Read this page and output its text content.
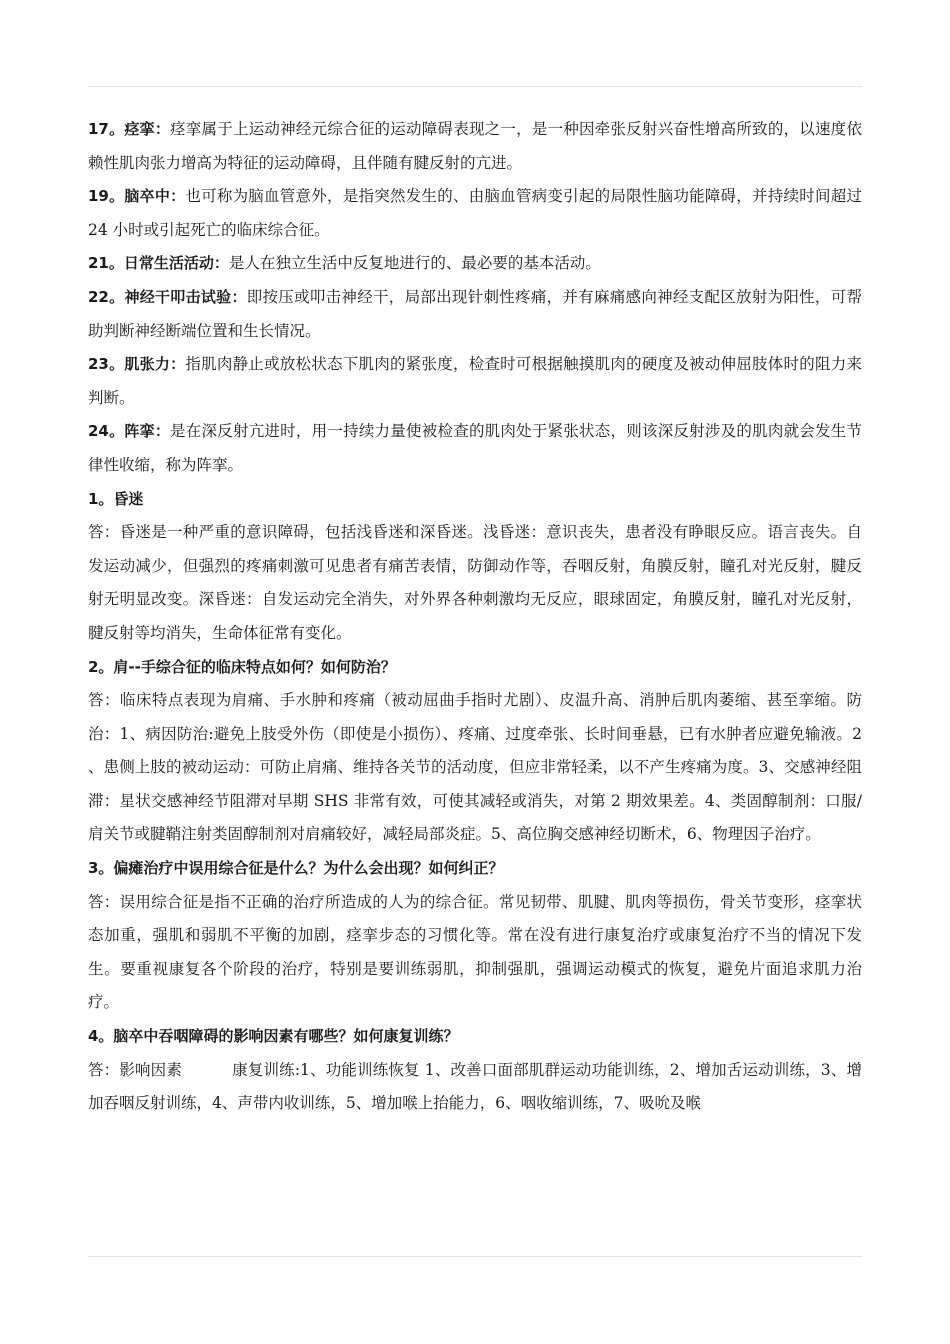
17。痉挛：痉挛属于上运动神经元综合征的运动障碍表现之一，是一种因牵张反射兴奋性增高所致的，以速度依赖性肌肉张力增高为特征的运动障碍，且伴随有腱反射的亢进。

19。脑卒中：也可称为脑血管意外，是指突然发生的、由脑血管病变引起的局限性脑功能障碍，并持续时间超过 24 小时或引起死亡的临床综合征。

21。日常生活活动：是人在独立生活中反复地进行的、最必要的基本活动。

22。神经干叩击试验：即按压或叩击神经干，局部出现针刺性疼痛，并有麻痛感向神经支配区放射为阳性，可帮助判断神经断端位置和生长情况。

23。肌张力：指肌肉静止或放松状态下肌肉的紧张度，检查时可根据触摸肌肉的硬度及被动伸屈肢体时的阻力来判断。

24。阵挛：是在深反射亢进时，用一持续力量使被检查的肌肉处于紧张状态，则该深反射涉及的肌肉就会发生节律性收缩，称为阵挛。

1。昏迷

答：昏迷是一种严重的意识障碍，包括浅昏迷和深昏迷。浅昏迷：意识丧失，患者没有睁眼反应。语言丧失。自发运动减少，但强烈的疼痛刺激可见患者有痛苦表情，防御动作等，吞咽反射，角膜反射，瞳孔对光反射，腱反射无明显改变。深昏迷：自发运动完全消失，对外界各种刺激均无反应，眼球固定，角膜反射，瞳孔对光反射，腱反射等均消失，生命体征常有变化。

2。肩--手综合征的临床特点如何？如何防治？

答：临床特点表现为肩痛、手水肿和疼痛（被动屈曲手指时尤剧）、皮温升高、消肿后肌肉萎缩、甚至挛缩。防治：1、病因防治:避免上肢受外伤（即使是小损伤）、疼痛、过度牵张、长时间垂悬，已有水肿者应避免输液。2 、患侧上肢的被动运动：可防止肩痛、维持各关节的活动度，但应非常轻柔，以不产生疼痛为度。3、交感神经阻滞：星状交感神经节阻滞对早期 SHS 非常有效，可使其减轻或消失，对第 2 期效果差。4、类固醇制剂：口服/肩关节或腱鞘注射类固醇制剂对肩痛较好，减轻局部炎症。5、高位胸交感神经切断术，6、物理因子治疗。

3。偏瘫治疗中误用综合征是什么？为什么会出现？如何纠正？

答：误用综合征是指不正确的治疗所造成的人为的综合征。常见韧带、肌腱、肌肉等损伤，骨关节变形，痉挛状态加重，强肌和弱肌不平衡的加剧，痉挛步态的习惯化等。常在没有进行康复治疗或康复治疗不当的情况下发生。要重视康复各个阶段的治疗，特别是要训练弱肌，抑制强肌，强调运动模式的恢复，避免片面追求肌力治疗。

4。脑卒中吞咽障碍的影响因素有哪些？如何康复训练？

答：影响因素	康复训练:1、功能训练恢复 1、改善口面部肌群运动功能训练，2、增加舌运动训练，3、增加吞咽反射训练，4、声带内收训练，5、增加喉上抬能力，6、咽收缩训练，7、吸吮及喉
